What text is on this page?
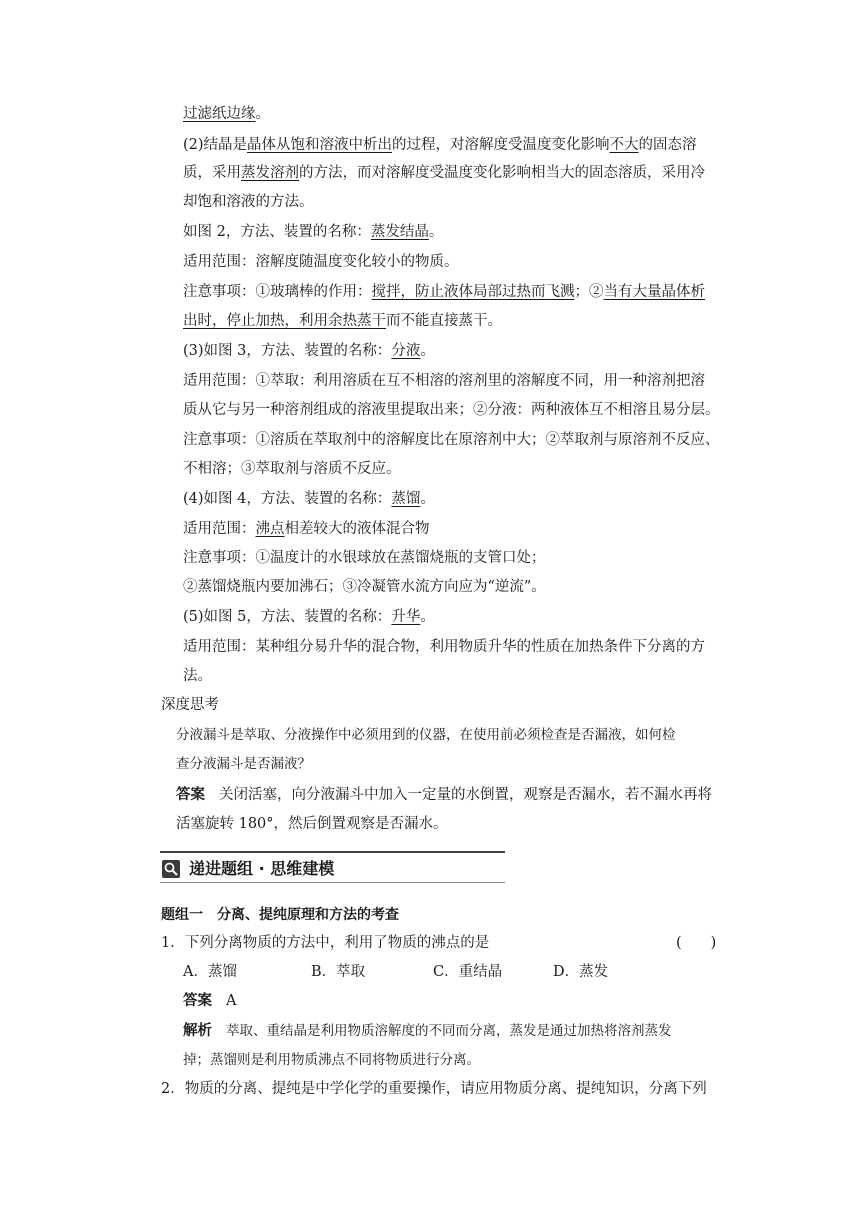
过滤纸边缘。
(2)结晶是晶体从饱和溶液中析出的过程，对溶解度受温度变化影响不大的固态溶
质，采用蒸发溶剂的方法，而对溶解度受温度变化影响相当大的固态溶质，采用冷
却饱和溶液的方法。
如图 2，方法、装置的名称：蒸发结晶。
适用范围：溶解度随温度变化较小的物质。
注意事项：①玻璃棒的作用：搅拌，防止液体局部过热而飞溅；②当有大量晶体析
出时，停止加热，利用余热蒸干而不能直接蒸干。
(3)如图 3，方法、装置的名称：分液。
适用范围：①萃取：利用溶质在互不相溶的溶剂里的溶解度不同，用一种溶剂把溶
质从它与另一种溶剂组成的溶液里提取出来；②分液：两种液体互不相溶且易分层。
注意事项：①溶质在萃取剂中的溶解度比在原溶剂中大；②萃取剂与原溶剂不反应、
不相溶；③萃取剂与溶质不反应。
(4)如图 4，方法、装置的名称：蒸馏。
适用范围：沸点相差较大的液体混合物
注意事项：①温度计的水银球放在蒸馏烧瓶的支管口处；
②蒸馏烧瓶内要加沸石；③冷凝管水流方向应为“逆流”。
(5)如图 5，方法、装置的名称：升华。
适用范围：某种组分易升华的混合物，利用物质升华的性质在加热条件下分离的方
法。
深度思考
分液漏斗是萃取、分液操作中必须用到的仪器，在使用前必须检查是否漏液，如何检
查分液漏斗是否漏液？
答案 关闭活塞，向分液漏斗中加入一定量的水倒置，观察是否漏水，若不漏水再将
活塞旋转 180°，然后倒置观察是否漏水。
递进题组 · 思维建模
题组一　分离、提纯原理和方法的考查
1．下列分离物质的方法中，利用了物质的沸点的是	(　　)
A．蒸馏	B．萃取	C．重结晶	D．蒸发
答案 A
解析 萃取、重结晶是利用物质溶解度的不同而分离，蒸发是通过加热将溶剂蒸发
掉；蒸馏则是利用物质沸点不同将物质进行分离。
2．物质的分离、提纯是中学化学的重要操作，请应用物质分离、提纯知识，分离下列
